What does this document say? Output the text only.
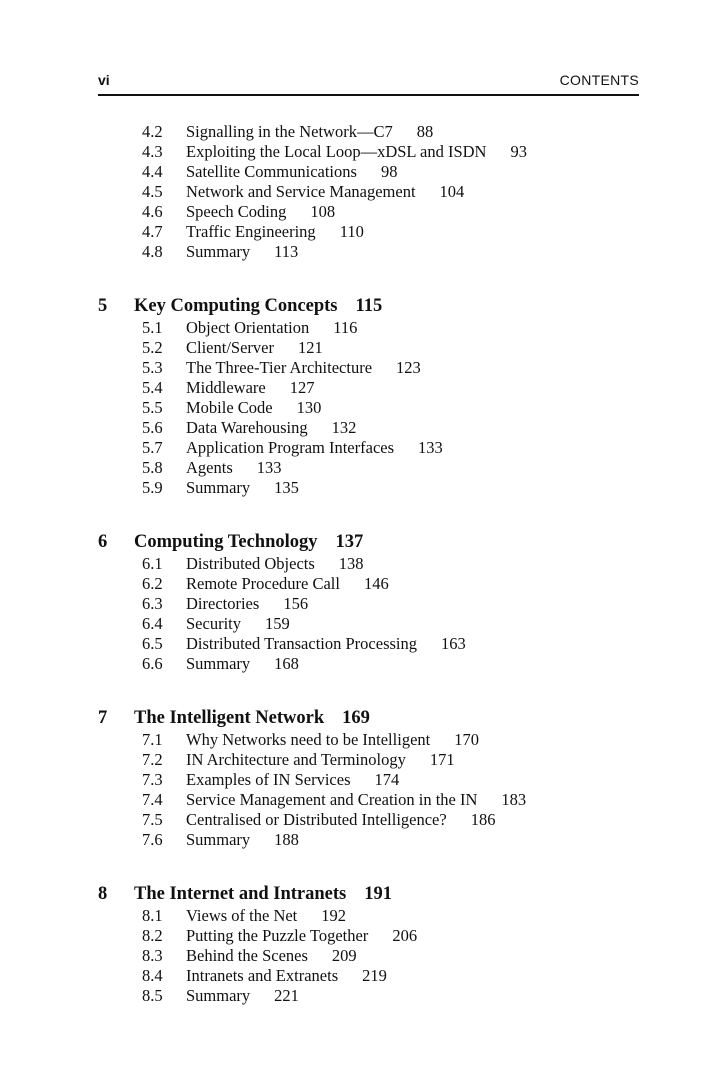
vi	CONTENTS
4.2 Signalling in the Network—C7 88
4.3 Exploiting the Local Loop—xDSL and ISDN 93
4.4 Satellite Communications 98
4.5 Network and Service Management 104
4.6 Speech Coding 108
4.7 Traffic Engineering 110
4.8 Summary 113
5 Key Computing Concepts 115
5.1 Object Orientation 116
5.2 Client/Server 121
5.3 The Three-Tier Architecture 123
5.4 Middleware 127
5.5 Mobile Code 130
5.6 Data Warehousing 132
5.7 Application Program Interfaces 133
5.8 Agents 133
5.9 Summary 135
6 Computing Technology 137
6.1 Distributed Objects 138
6.2 Remote Procedure Call 146
6.3 Directories 156
6.4 Security 159
6.5 Distributed Transaction Processing 163
6.6 Summary 168
7 The Intelligent Network 169
7.1 Why Networks need to be Intelligent 170
7.2 IN Architecture and Terminology 171
7.3 Examples of IN Services 174
7.4 Service Management and Creation in the IN 183
7.5 Centralised or Distributed Intelligence? 186
7.6 Summary 188
8 The Internet and Intranets 191
8.1 Views of the Net 192
8.2 Putting the Puzzle Together 206
8.3 Behind the Scenes 209
8.4 Intranets and Extranets 219
8.5 Summary 221
